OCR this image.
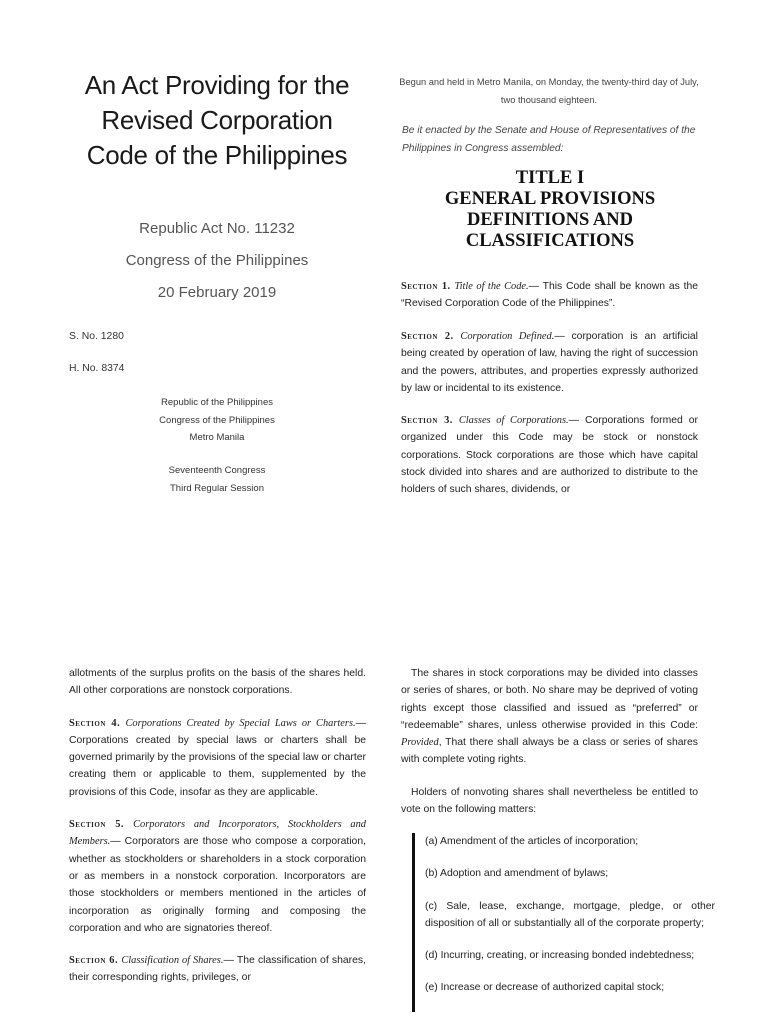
An Act Providing for the Revised Corporation Code of the Philippines
Republic Act No. 11232
Congress of the Philippines
20 February 2019
S. No. 1280
H. No. 8374
Republic of the Philippines
Congress of the Philippines
Metro Manila
Seventeenth Congress
Third Regular Session
Begun and held in Metro Manila, on Monday, the twenty-third day of July, two thousand eighteen.
Be it enacted by the Senate and House of Representatives of the Philippines in Congress assembled:
TITLE I
GENERAL PROVISIONS
DEFINITIONS AND
CLASSIFICATIONS

Section 1. Title of the Code.— This Code shall be known as the “Revised Corporation Code of the Philippines”.

Section 2. Corporation Defined.— corporation is an artificial being created by operation of law, having the right of succession and the powers, attributes, and properties expressly authorized by law or incidental to its existence.

Section 3. Classes of Corporations.— Corporations formed or organized under this Code may be stock or nonstock corporations. Stock corporations are those which have capital stock divided into shares and are authorized to distribute to the holders of such shares, dividends, or

allotments of the surplus profits on the basis of the shares held. All other corporations are nonstock corporations.

Section 4. Corporations Created by Special Laws or Charters.— Corporations created by special laws or charters shall be governed primarily by the provisions of the special law or charter creating them or applicable to them, supplemented by the provisions of this Code, insofar as they are applicable.

Section 5. Corporators and Incorporators, Stockholders and Members.— Corporators are those who compose a corporation, whether as stockholders or shareholders in a stock corporation or as members in a nonstock corporation. Incorporators are those stockholders or members mentioned in the articles of incorporation as originally forming and composing the corporation and who are signatories thereof.

Section 6. Classification of Shares.— The classification of shares, their corresponding rights, privileges, or

The shares in stock corporations may be divided into classes or series of shares, or both. No share may be deprived of voting rights except those classified and issued as “preferred” or “redeemable” shares, unless otherwise provided in this Code: Provided, That there shall always be a class or series of shares with complete voting rights.

Holders of nonvoting shares shall nevertheless be entitled to vote on the following matters:

(a) Amendment of the articles of incorporation;

(b) Adoption and amendment of bylaws;

(c) Sale, lease, exchange, mortgage, pledge, or other disposition of all or substantially all of the corporate property;

(d) Incurring, creating, or increasing bonded indebtedness;

(e) Increase or decrease of authorized capital stock;
